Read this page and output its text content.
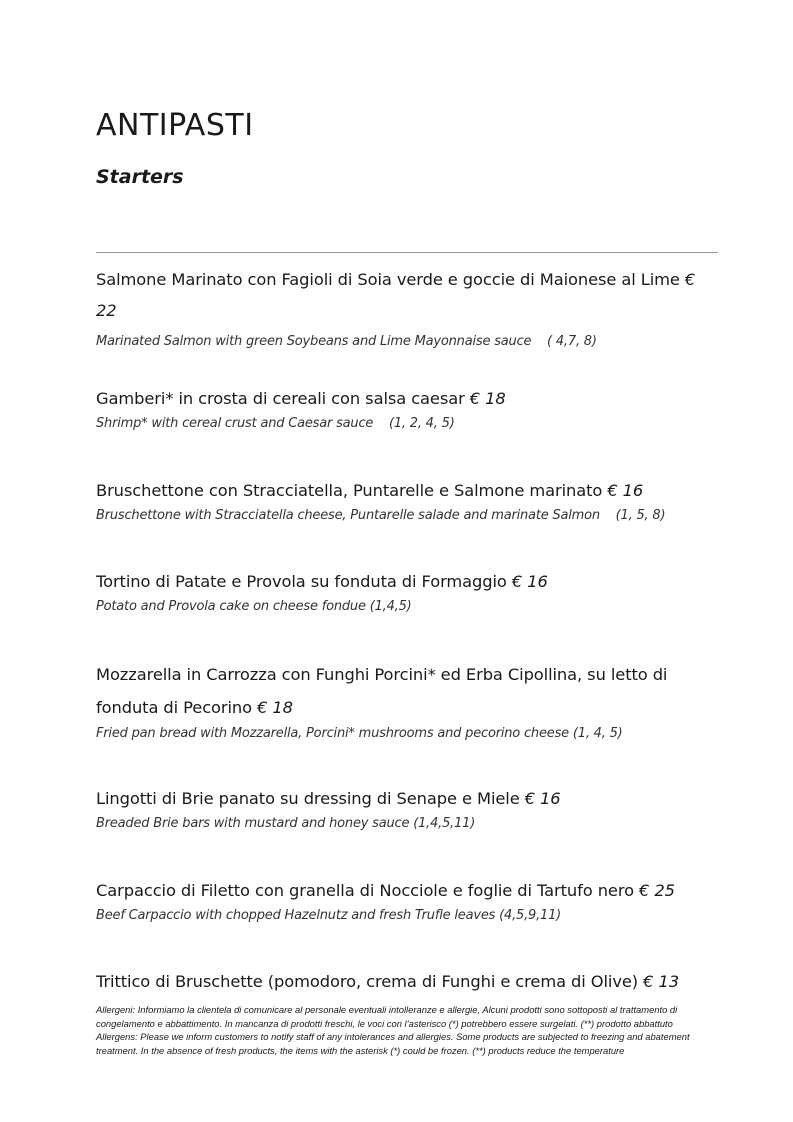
ANTIPASTI
Starters

Salmone Marinato con Fagioli di Soia verde e goccie di Maionese al Lime € 22

Marinated Salmon with green Soybeans and Lime Mayonnaise sauce    ( 4,7, 8)

Gamberi* in crosta di cereali con salsa caesar € 18

Shrimp* with cereal crust and Caesar sauce    (1, 2, 4, 5)

Bruschettone con Stracciatella, Puntarelle e Salmone marinato € 16

Bruschettone with Stracciatella cheese, Puntarelle salade and marinate Salmon    (1, 5, 8)

Tortino di Patate e Provola su fonduta di Formaggio € 16

Potato and Provola cake on cheese fondue (1,4,5)

Mozzarella in Carrozza con Funghi Porcini* ed Erba Cipollina, su letto di fonduta di Pecorino € 18

Fried pan bread with Mozzarella, Porcini* mushrooms and pecorino cheese (1, 4, 5)

Lingotti di Brie panato su dressing di Senape e Miele € 16

Breaded Brie bars with mustard and honey sauce (1,4,5,11)

Carpaccio di Filetto con granella di Nocciole e foglie di Tartufo nero € 25

Beef Carpaccio with chopped Hazelnutz and fresh Trufle leaves (4,5,9,11)

Trittico di Bruschette (pomodoro, crema di Funghi e crema di Olive) € 13

Allergeni: Informiamo la clientela di comunicare al personale eventuali intolleranze e allergie, Alcuni prodotti sono sottoposti al trattamento di
congelamento e abbattimento. In mancanza di prodotti freschi, le voci con l’asterisco (*) potrebbero essere surgelati. (**) prodotto abbattuto
Allergens: Please we inform customers to notify staff of any intolerances and allergies. Some products are subjected to freezing and abatement
treatment. In the absence of fresh products, the items with the asterisk (*) could be frozen. (**) products reduce the temperature
